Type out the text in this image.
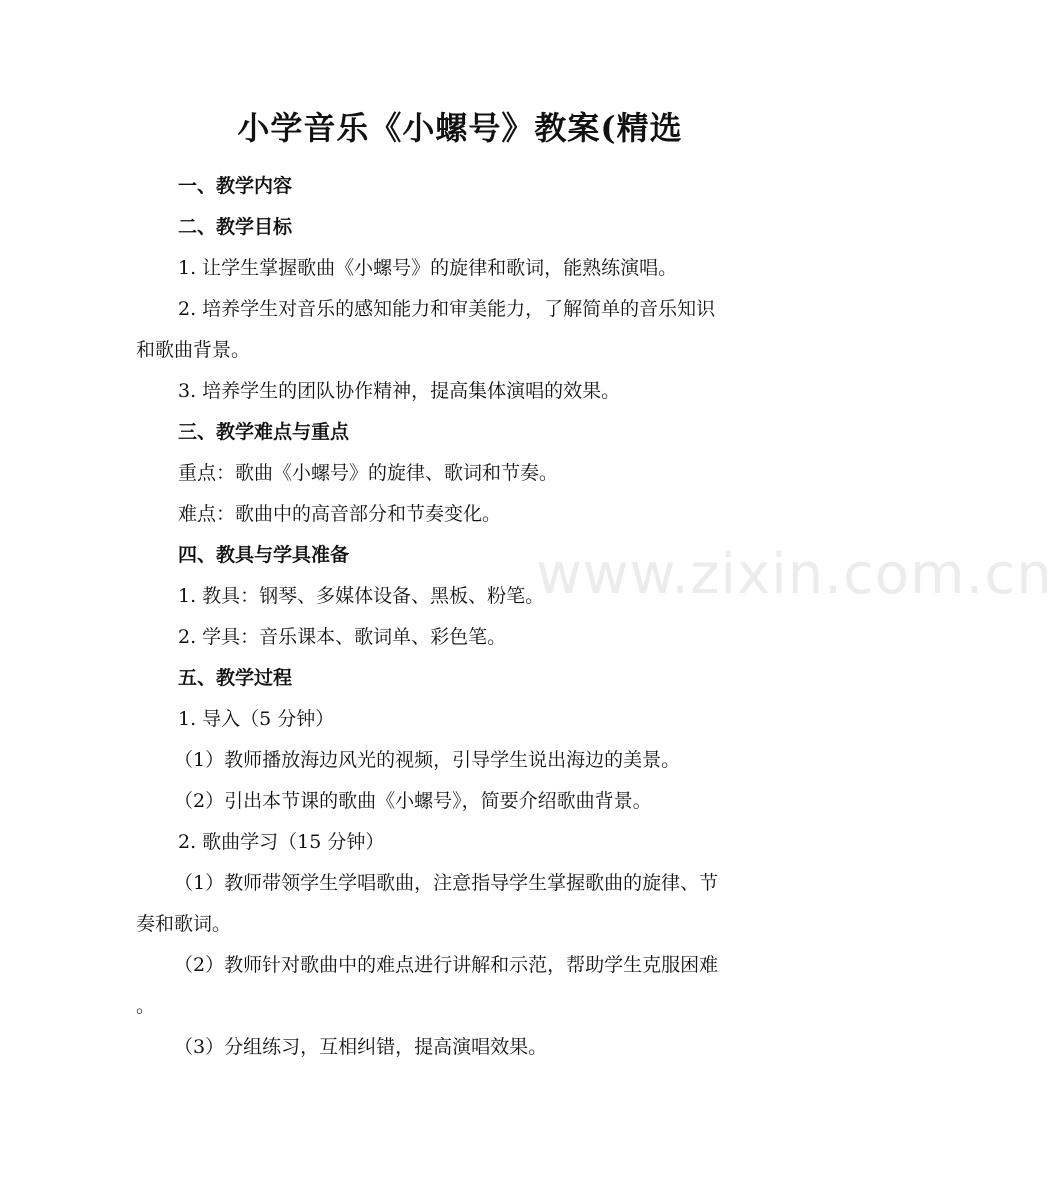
小学音乐《小螺号》教案(精选
www.zixin.com.cn

一、教学内容

二、教学目标

1. 让学生掌握歌曲《小螺号》的旋律和歌词，能熟练演唱。

2. 培养学生对音乐的感知能力和审美能力，了解简单的音乐知识

和歌曲背景。

3. 培养学生的团队协作精神，提高集体演唱的效果。

三、教学难点与重点

重点：歌曲《小螺号》的旋律、歌词和节奏。

难点：歌曲中的高音部分和节奏变化。

四、教具与学具准备

1. 教具：钢琴、多媒体设备、黑板、粉笔。

2. 学具：音乐课本、歌词单、彩色笔。

五、教学过程

1. 导入（5 分钟）

（1）教师播放海边风光的视频，引导学生说出海边的美景。

（2）引出本节课的歌曲《小螺号》，简要介绍歌曲背景。

2. 歌曲学习（15 分钟）

（1）教师带领学生学唱歌曲，注意指导学生掌握歌曲的旋律、节

奏和歌词。

（2）教师针对歌曲中的难点进行讲解和示范，帮助学生克服困难

。

（3）分组练习，互相纠错，提高演唱效果。
